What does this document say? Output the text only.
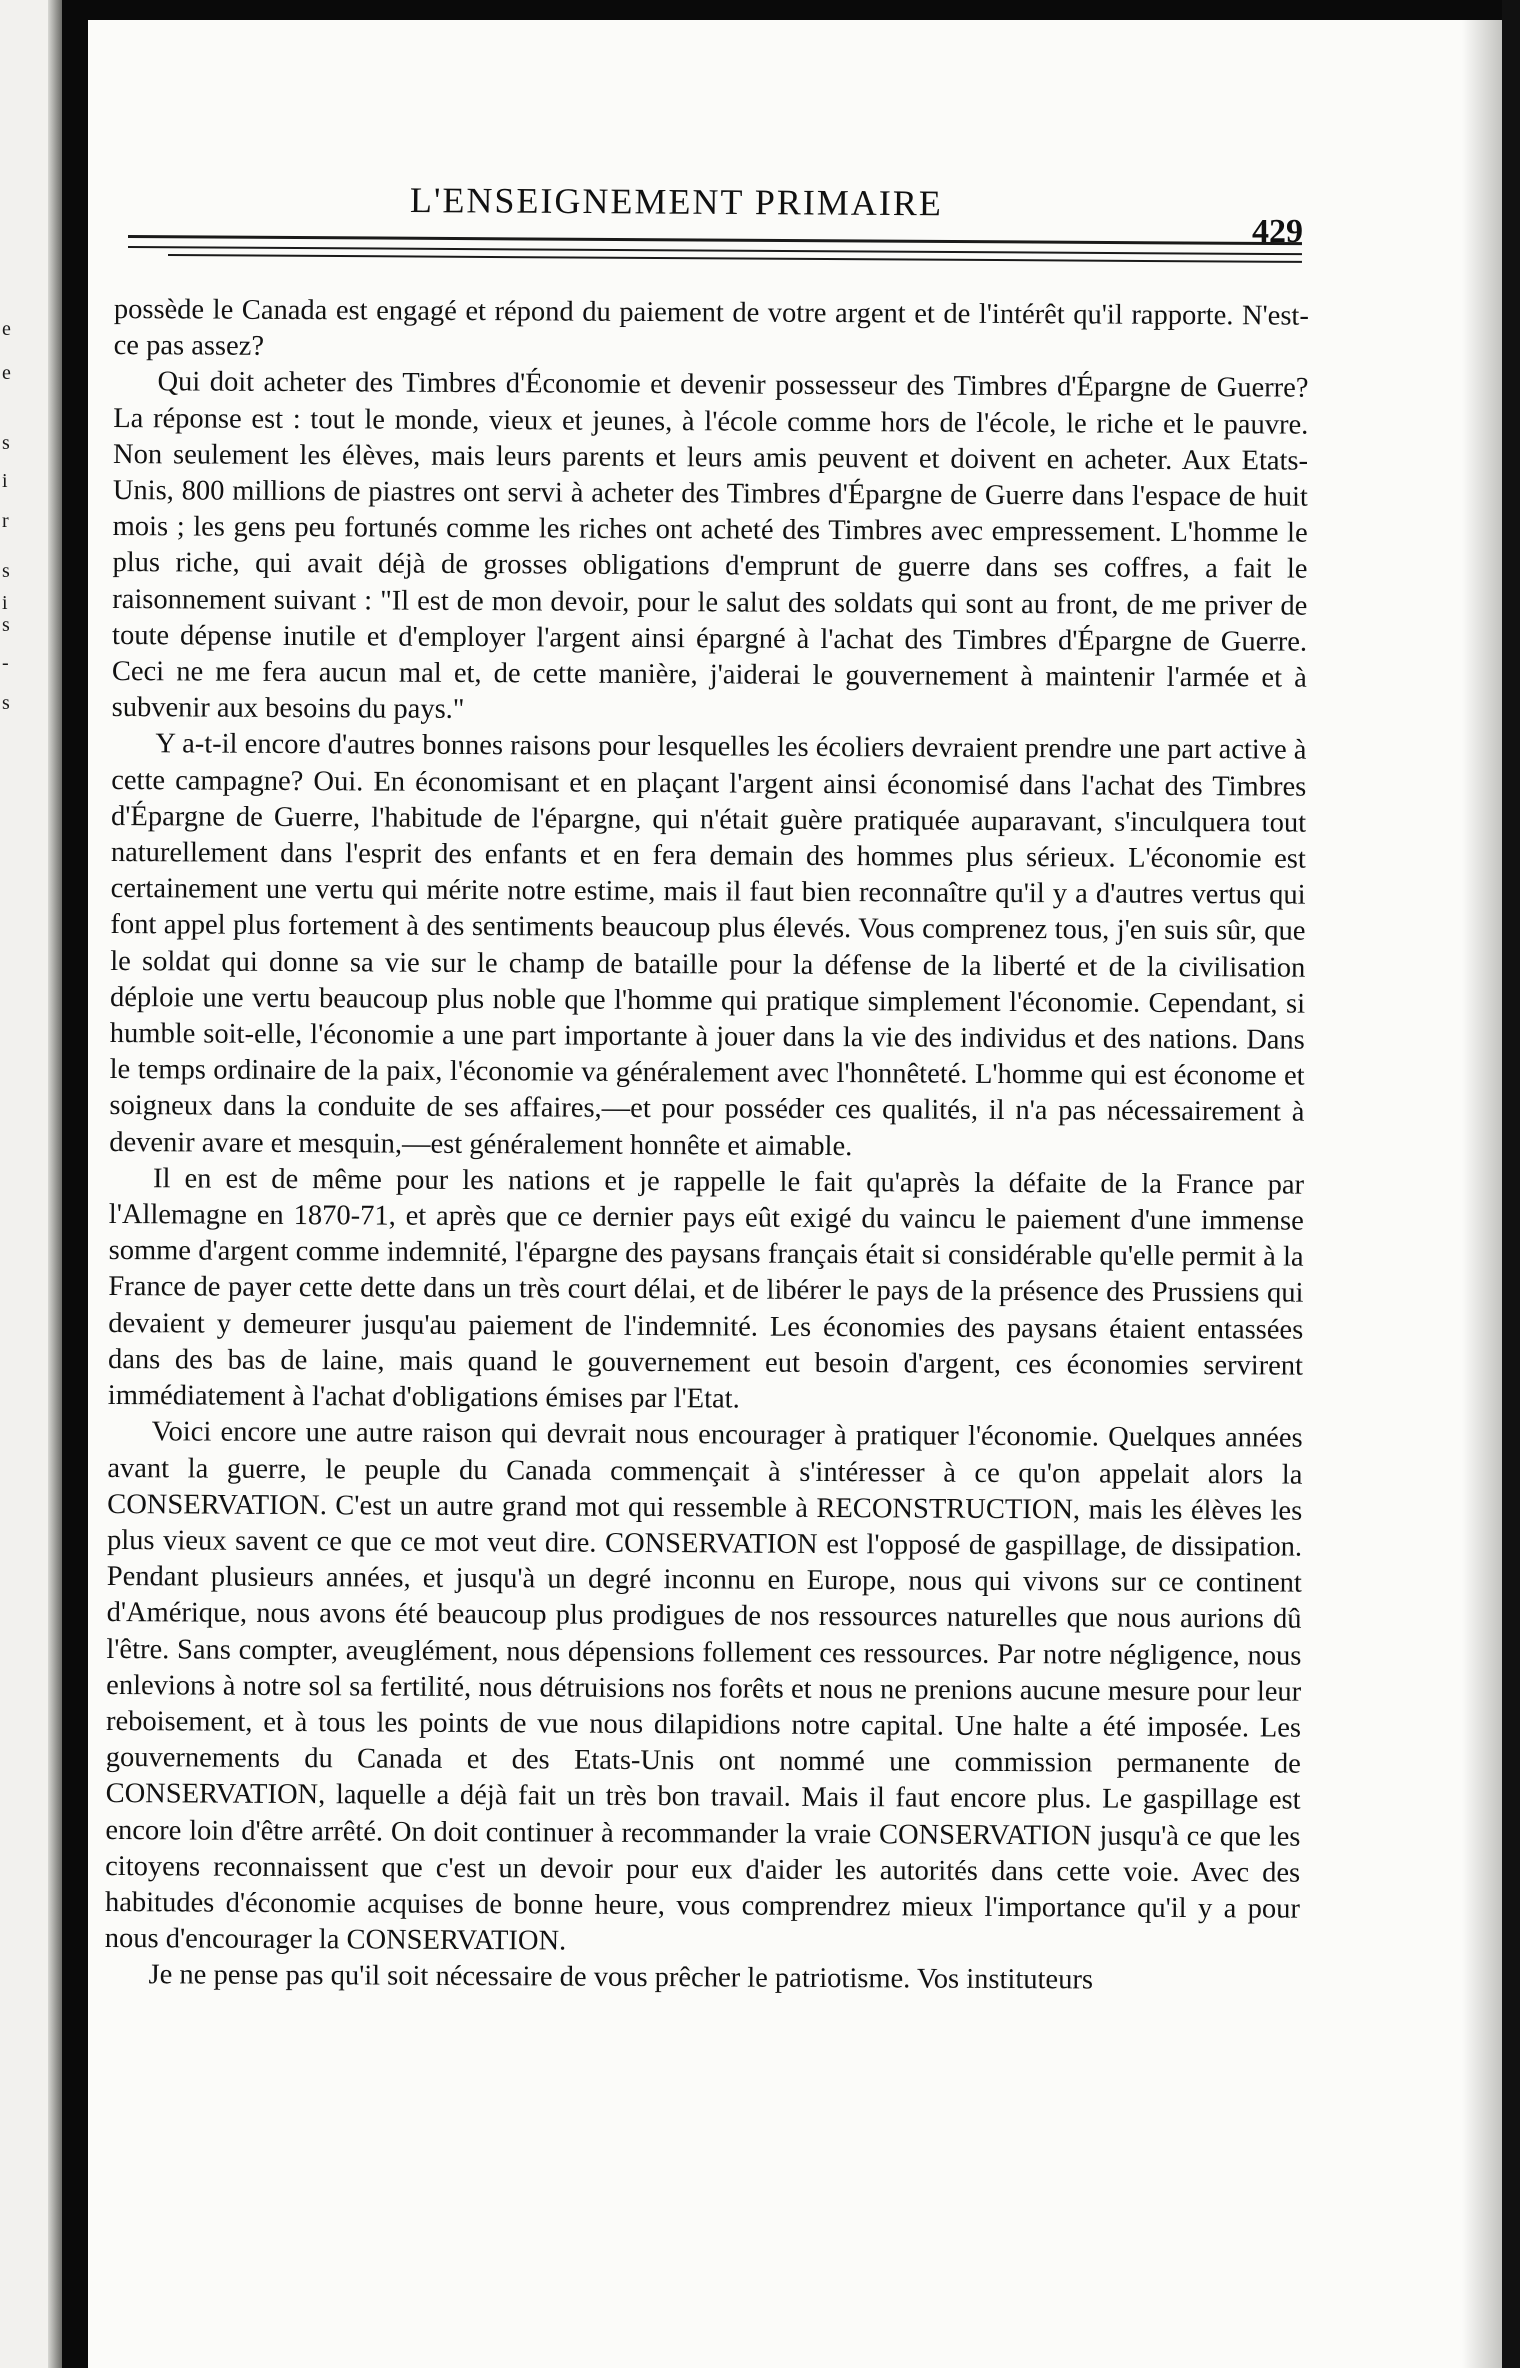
e
e
s
i
r
s
i
s
-
s
L'ENSEIGNEMENT PRIMAIRE
429

possède le Canada est engagé et répond du paiement de votre argent et de l'intérêt qu'il rapporte. N'est-ce pas assez?

Qui doit acheter des Timbres d'Économie et devenir possesseur des Timbres d'Épargne de Guerre? La réponse est : tout le monde, vieux et jeunes, à l'école comme hors de l'école, le riche et le pauvre. Non seulement les élèves, mais leurs parents et leurs amis peuvent et doivent en acheter. Aux Etats-Unis, 800 millions de piastres ont servi à acheter des Timbres d'Épargne de Guerre dans l'espace de huit mois ; les gens peu fortunés comme les riches ont acheté des Timbres avec empressement. L'homme le plus riche, qui avait déjà de grosses obligations d'emprunt de guerre dans ses coffres, a fait le raisonnement suivant : "Il est de mon devoir, pour le salut des soldats qui sont au front, de me priver de toute dépense inutile et d'employer l'argent ainsi épargné à l'achat des Timbres d'Épargne de Guerre. Ceci ne me fera aucun mal et, de cette manière, j'aiderai le gouvernement à maintenir l'armée et à subvenir aux besoins du pays."

Y a-t-il encore d'autres bonnes raisons pour lesquelles les écoliers devraient prendre une part active à cette campagne? Oui. En économisant et en plaçant l'argent ainsi économisé dans l'achat des Timbres d'Épargne de Guerre, l'habitude de l'épargne, qui n'était guère pratiquée auparavant, s'inculquera tout naturellement dans l'esprit des enfants et en fera demain des hommes plus sérieux. L'économie est certainement une vertu qui mérite notre estime, mais il faut bien reconnaître qu'il y a d'autres vertus qui font appel plus fortement à des sentiments beaucoup plus élevés. Vous comprenez tous, j'en suis sûr, que le soldat qui donne sa vie sur le champ de bataille pour la défense de la liberté et de la civilisation déploie une vertu beaucoup plus noble que l'homme qui pratique simplement l'économie. Cependant, si humble soit-elle, l'économie a une part importante à jouer dans la vie des individus et des nations. Dans le temps ordinaire de la paix, l'économie va généralement avec l'honnêteté. L'homme qui est économe et soigneux dans la conduite de ses affaires,—et pour posséder ces qualités, il n'a pas nécessairement à devenir avare et mesquin,—est généralement honnête et aimable.

Il en est de même pour les nations et je rappelle le fait qu'après la défaite de la France par l'Allemagne en 1870-71, et après que ce dernier pays eût exigé du vaincu le paiement d'une immense somme d'argent comme indemnité, l'épargne des paysans français était si considérable qu'elle permit à la France de payer cette dette dans un très court délai, et de libérer le pays de la présence des Prussiens qui devaient y demeurer jusqu'au paiement de l'indemnité. Les économies des paysans étaient entassées dans des bas de laine, mais quand le gouvernement eut besoin d'argent, ces économies servirent immédiatement à l'achat d'obligations émises par l'Etat.

Voici encore une autre raison qui devrait nous encourager à pratiquer l'économie. Quelques années avant la guerre, le peuple du Canada commençait à s'intéresser à ce qu'on appelait alors la CONSERVATION. C'est un autre grand mot qui ressemble à RECONSTRUCTION, mais les élèves les plus vieux savent ce que ce mot veut dire. CONSERVATION est l'opposé de gaspillage, de dissipation. Pendant plusieurs années, et jusqu'à un degré inconnu en Europe, nous qui vivons sur ce continent d'Amérique, nous avons été beaucoup plus prodigues de nos ressources naturelles que nous aurions dû l'être. Sans compter, aveuglément, nous dépensions follement ces ressources. Par notre négligence, nous enlevions à notre sol sa fertilité, nous détruisions nos forêts et nous ne prenions aucune mesure pour leur reboisement, et à tous les points de vue nous dilapidions notre capital. Une halte a été imposée. Les gouvernements du Canada et des Etats-Unis ont nommé une commission permanente de CONSERVATION, laquelle a déjà fait un très bon travail. Mais il faut encore plus. Le gaspillage est encore loin d'être arrêté. On doit continuer à recommander la vraie CONSERVATION jusqu'à ce que les citoyens reconnaissent que c'est un devoir pour eux d'aider les autorités dans cette voie. Avec des habitudes d'économie acquises de bonne heure, vous comprendrez mieux l'importance qu'il y a pour nous d'encourager la CONSERVATION.

Je ne pense pas qu'il soit nécessaire de vous prêcher le patriotisme. Vos instituteurs
